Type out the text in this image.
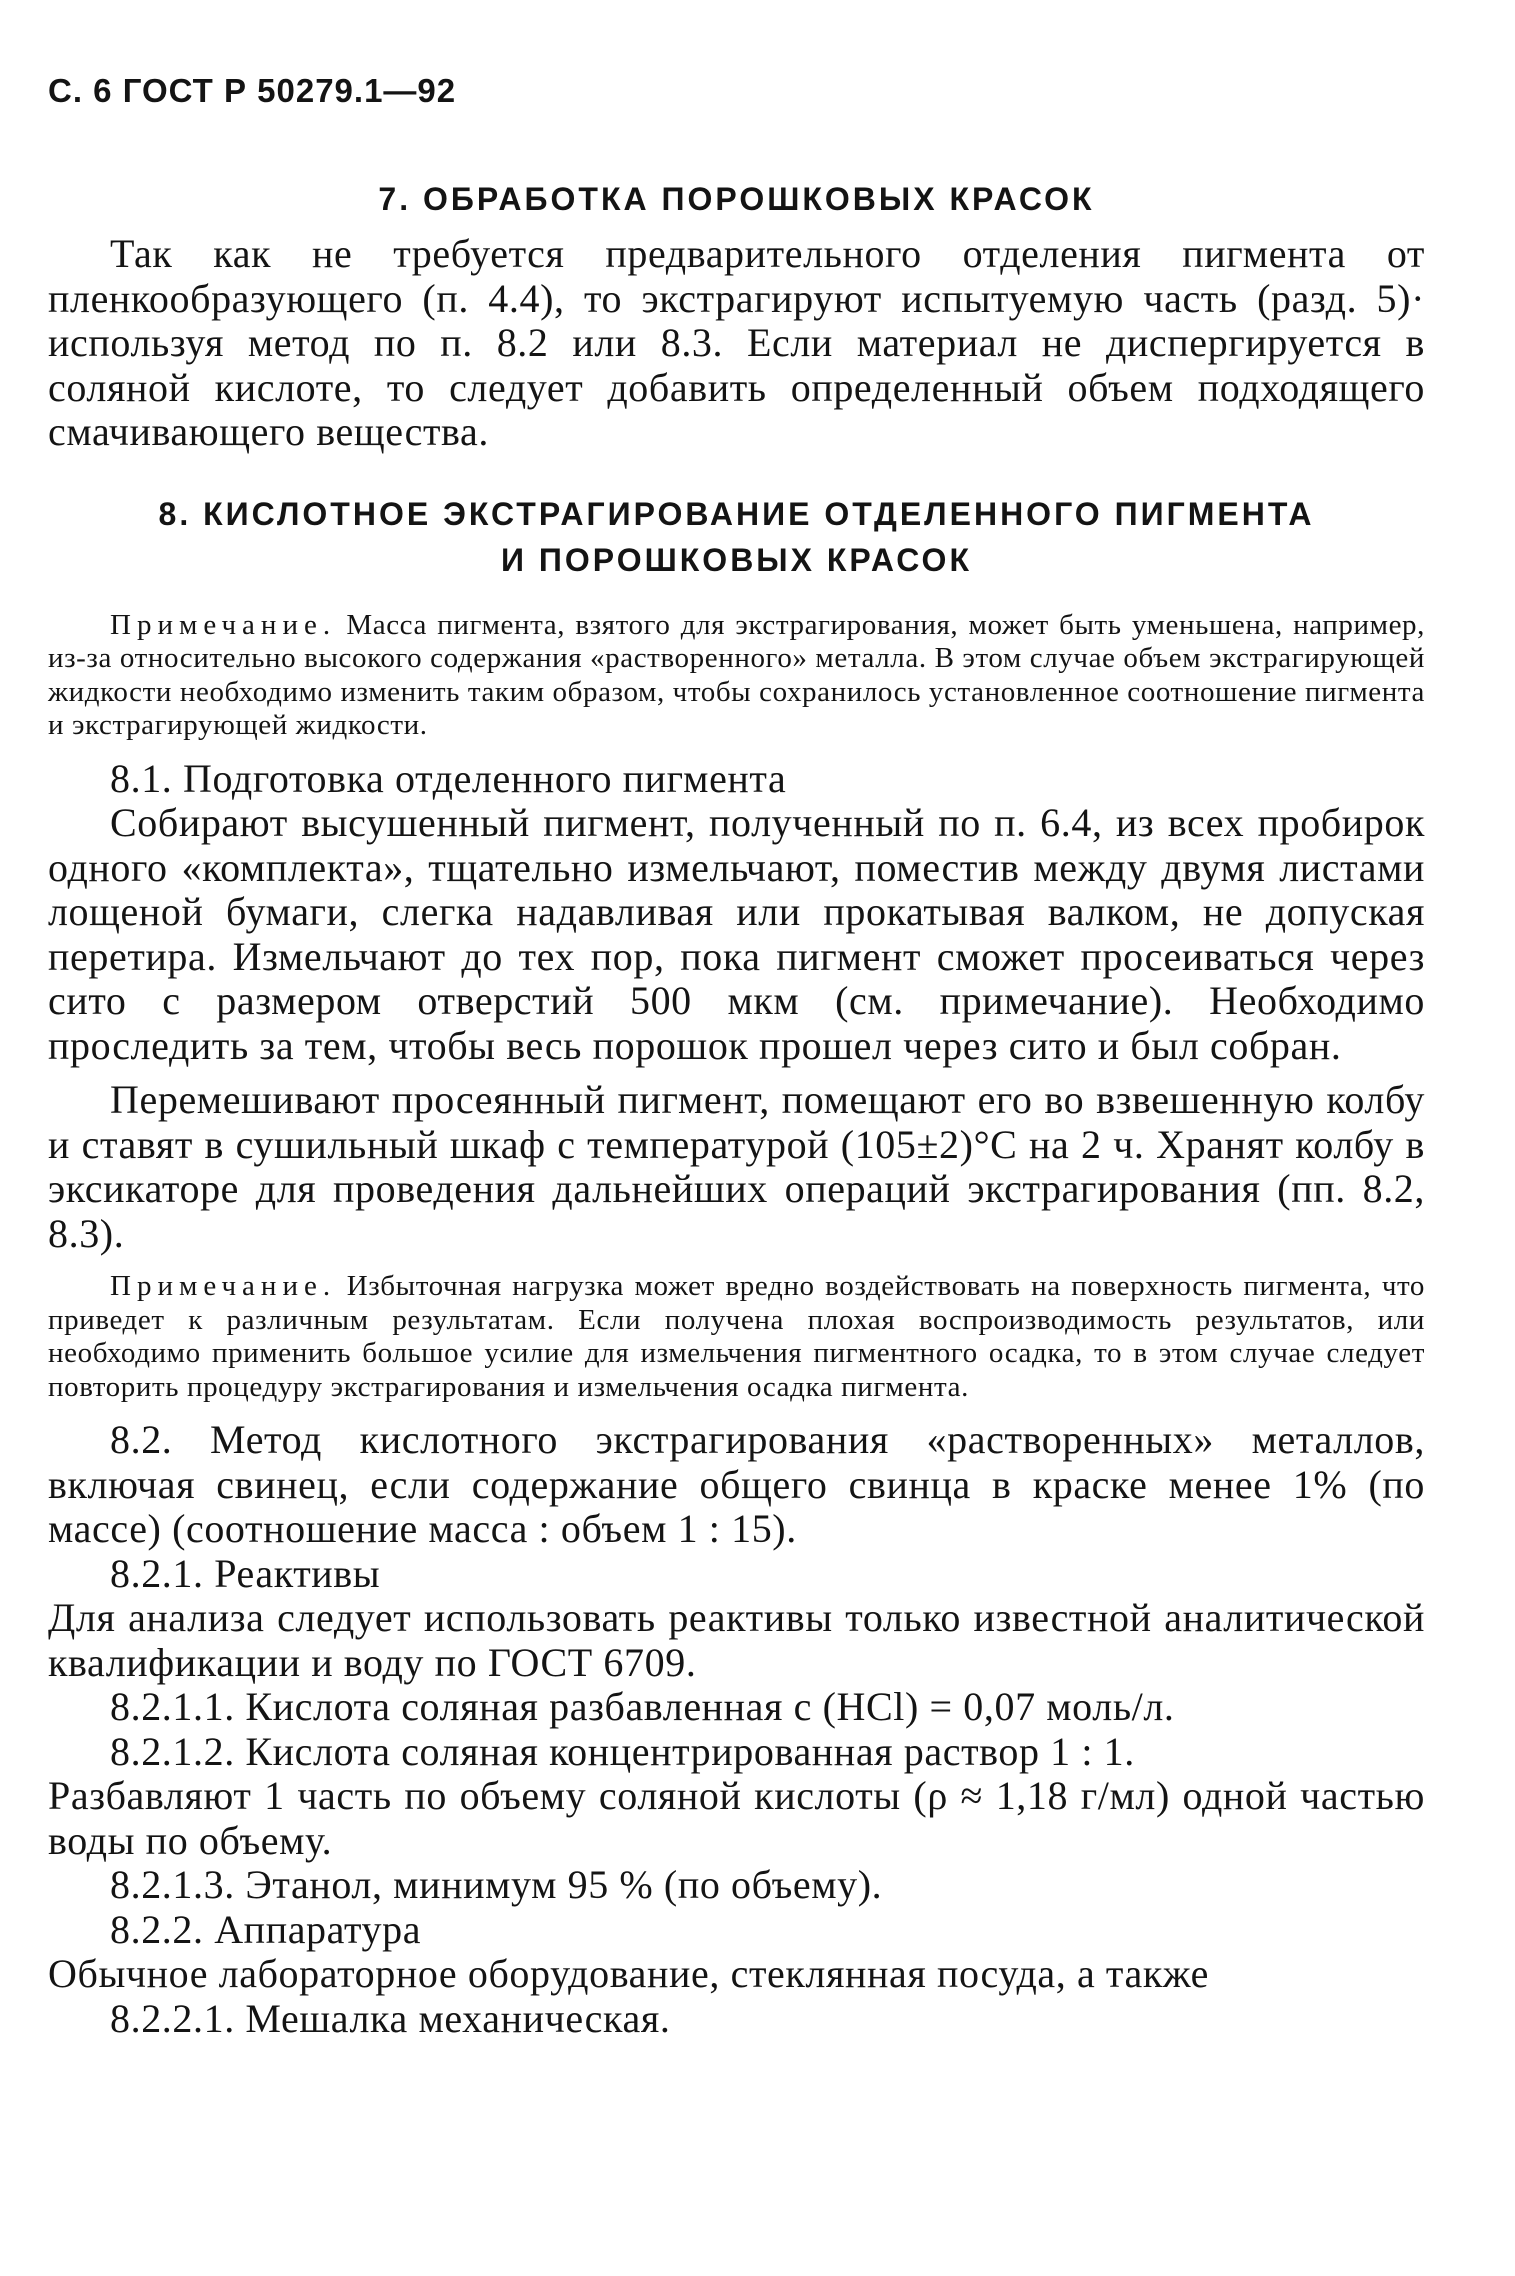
С. 6 ГОСТ Р 50279.1—92
7. ОБРАБОТКА ПОРОШКОВЫХ КРАСОК

Так как не требуется предварительного отделения пигмента от пленкообразующего (п. 4.4), то экстрагируют испытуемую часть (разд. 5)· используя метод по п. 8.2 или 8.3. Если материал не диспергируется в соляной кислоте, то следует добавить определенный объем подходящего смачивающего вещества.

8. КИСЛОТНОЕ ЭКСТРАГИРОВАНИЕ ОТДЕЛЕННОГО ПИГМЕНТА
И ПОРОШКОВЫХ КРАСОК

Примечание. Масса пигмента, взятого для экстрагирования, может быть уменьшена, например, из-за относительно высокого содержания «растворенного» металла. В этом случае объем экстрагирующей жидкости необходимо изменить таким образом, чтобы сохранилось установленное соотношение пигмента и экстрагирующей жидкости.

8.1. Подготовка отделенного пигмента

Собирают высушенный пигмент, полученный по п. 6.4, из всех пробирок одного «комплекта», тщательно измельчают, поместив между двумя листами лощеной бумаги, слегка надавливая или прокатывая валком, не допуская перетира. Измельчают до тех пор, пока пигмент сможет просеиваться через сито с размером отверстий 500 мкм (см. примечание). Необходимо проследить за тем, чтобы весь порошок прошел через сито и был собран.

Перемешивают просеянный пигмент, помещают его во взвешенную колбу и ставят в сушильный шкаф с температурой (105±2)°С на 2 ч. Хранят колбу в эксикаторе для проведения дальнейших операций экстрагирования (пп. 8.2, 8.3).

Примечание. Избыточная нагрузка может вредно воздействовать на поверхность пигмента, что приведет к различным результатам. Если получена плохая воспроизводимость результатов, или необходимо применить большое усилие для измельчения пигментного осадка, то в этом случае следует повторить процедуру экстрагирования и измельчения осадка пигмента.

8.2. Метод кислотного экстрагирования «растворенных» металлов, включая свинец, если содержание общего свинца в краске менее 1% (по массе) (соотношение масса : объем 1 : 15).

8.2.1. Реактивы

Для анализа следует использовать реактивы только известной аналитической квалификации и воду по ГОСТ 6709.

8.2.1.1. Кислота соляная разбавленная c (HCl) = 0,07 моль/л.

8.2.1.2. Кислота соляная концентрированная раствор 1 : 1.

Разбавляют 1 часть по объему соляной кислоты (ρ ≈ 1,18 г/мл) одной частью воды по объему.

8.2.1.3. Этанол, минимум 95 % (по объему).

8.2.2. Аппаратура

Обычное лабораторное оборудование, стеклянная посуда, а также

8.2.2.1. Мешалка механическая.
